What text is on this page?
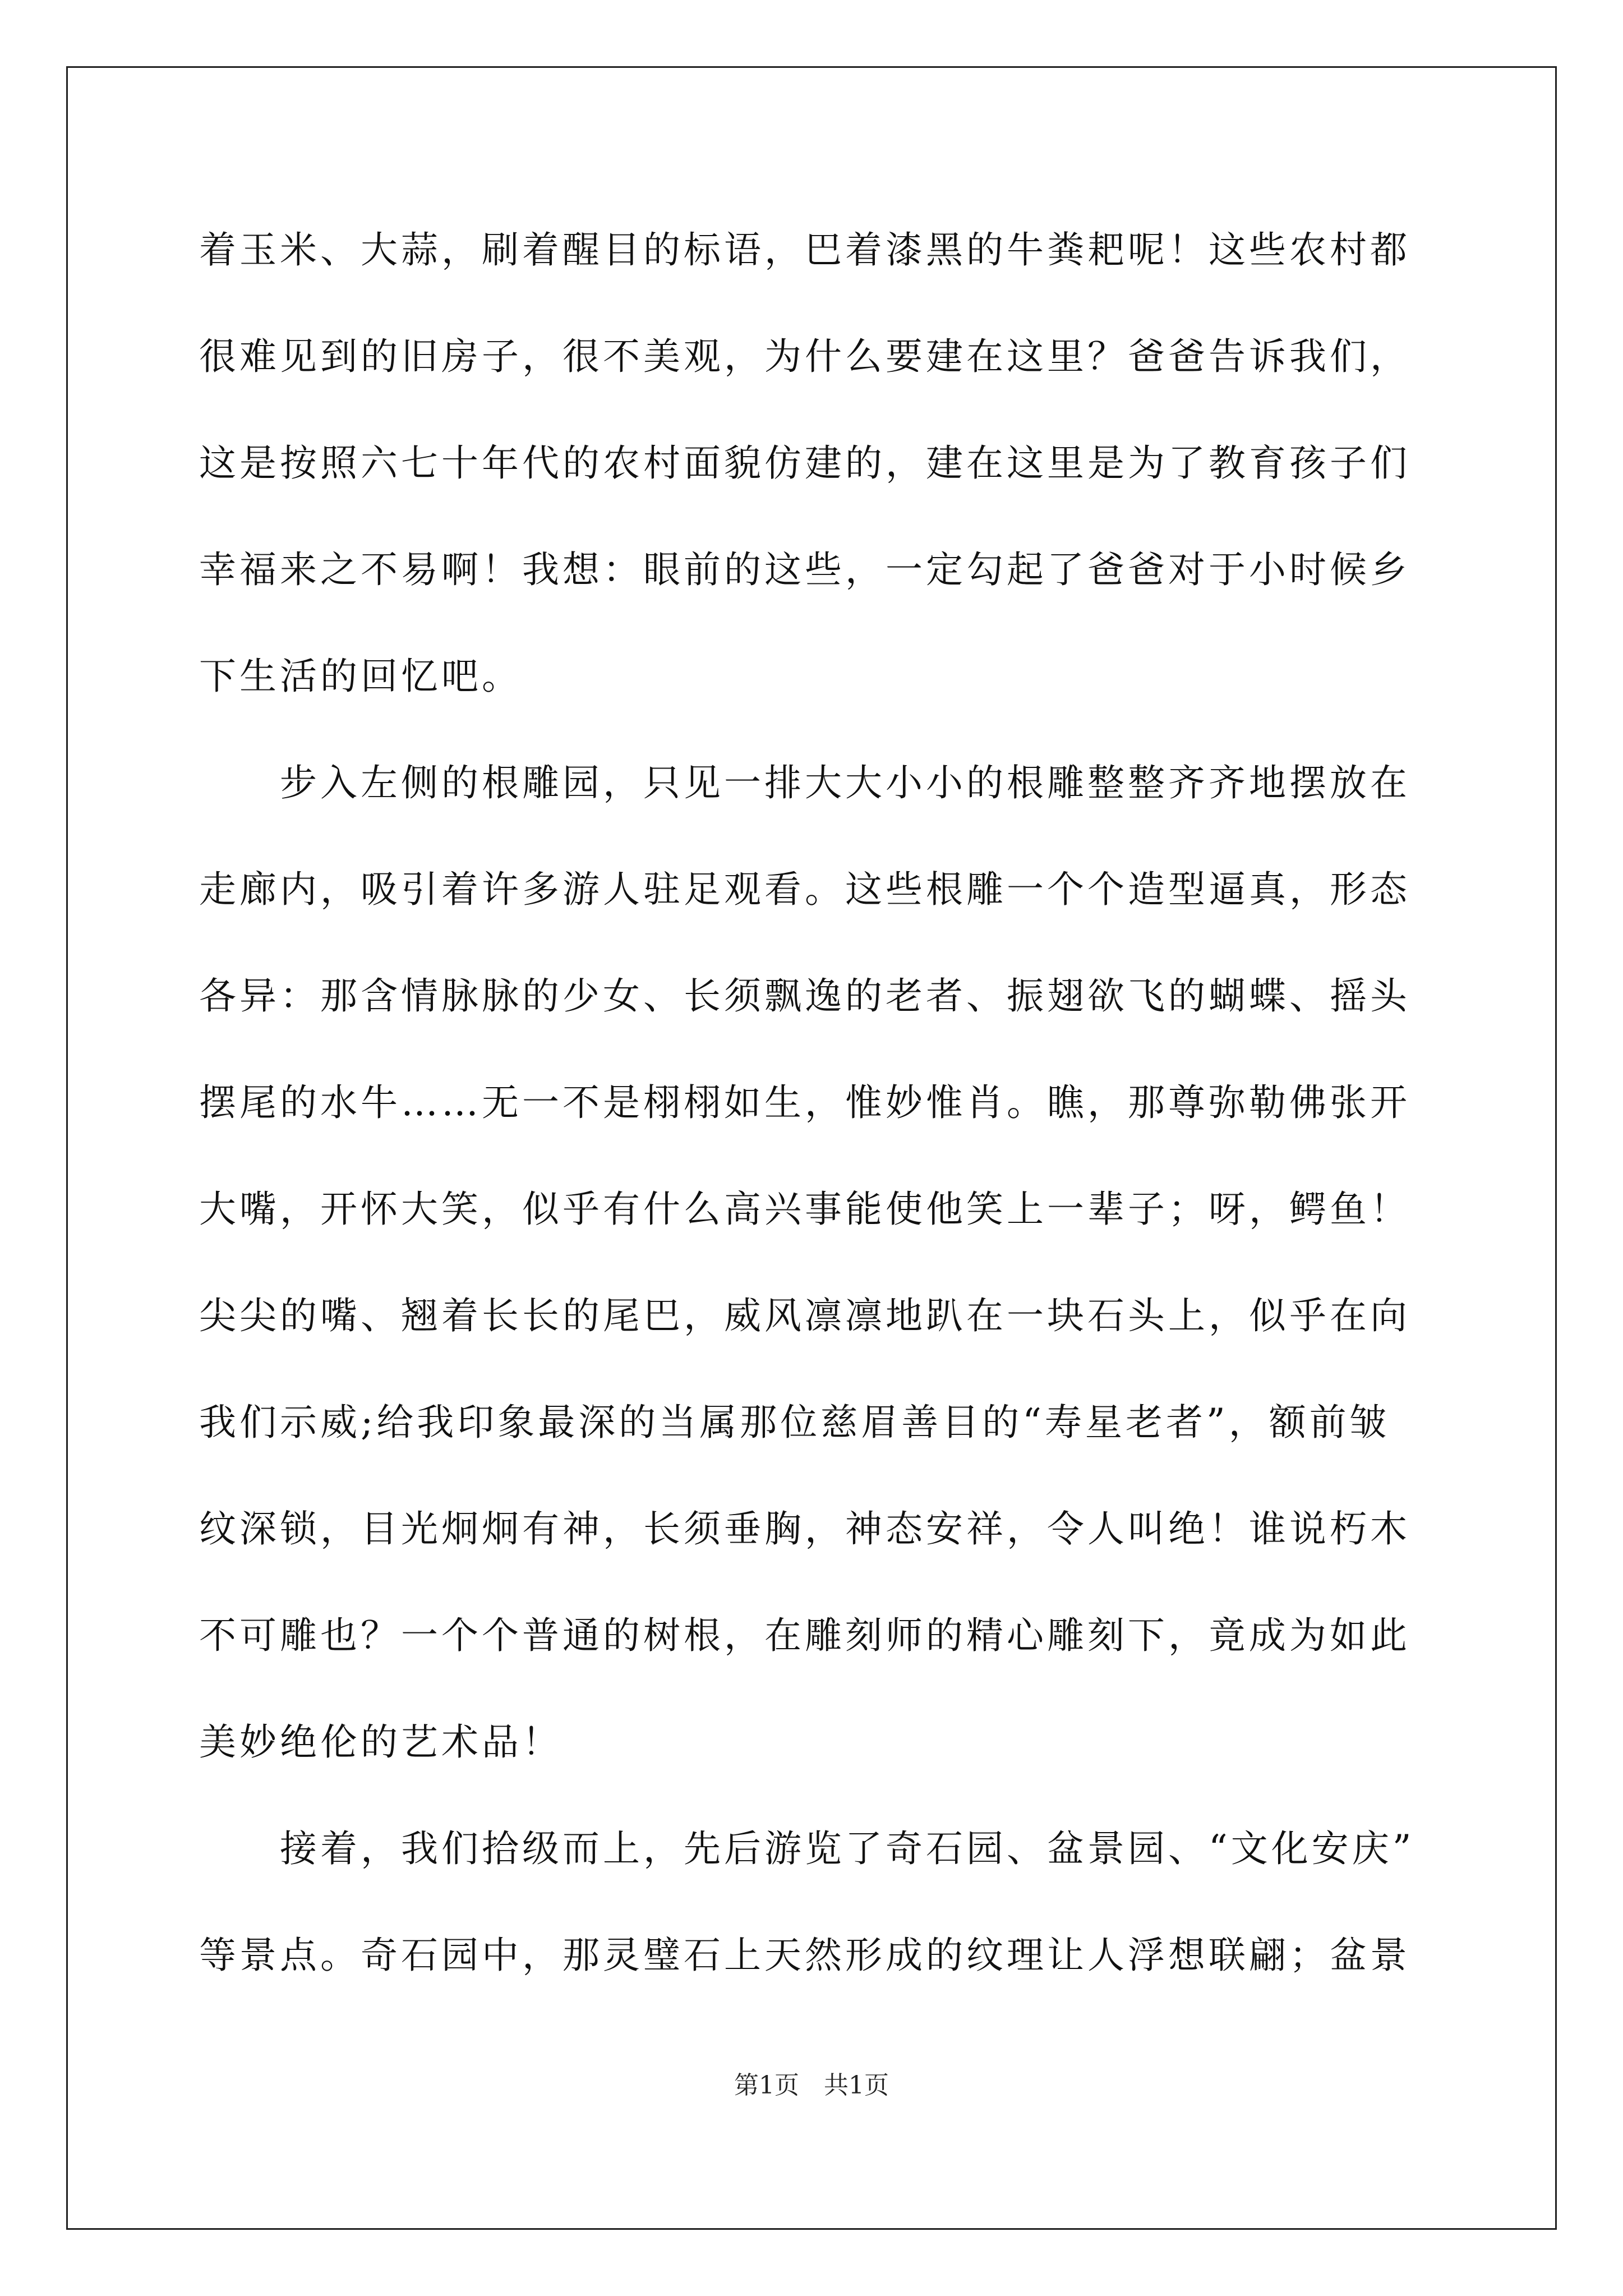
着玉米、大蒜，刷着醒目的标语，巴着漆黑的牛粪耙呢！这些农村都
很难见到的旧房子，很不美观，为什么要建在这里？爸爸告诉我们，
这是按照六七十年代的农村面貌仿建的，建在这里是为了教育孩子们
幸福来之不易啊！我想：眼前的这些，一定勾起了爸爸对于小时候乡
下生活的回忆吧。
　　步入左侧的根雕园，只见一排大大小小的根雕整整齐齐地摆放在
走廊内，吸引着许多游人驻足观看。这些根雕一个个造型逼真，形态
各异：那含情脉脉的少女、长须飘逸的老者、振翅欲飞的蝴蝶、摇头
摆尾的水牛……无一不是栩栩如生，惟妙惟肖。瞧，那尊弥勒佛张开
大嘴，开怀大笑，似乎有什么高兴事能使他笑上一辈子；呀，鳄鱼！
尖尖的嘴、翘着长长的尾巴，威风凛凛地趴在一块石头上，似乎在向
我们示威;给我印象最深的当属那位慈眉善目的“寿星老者”，额前皱
纹深锁，目光炯炯有神，长须垂胸，神态安祥，令人叫绝！谁说朽木
不可雕也？一个个普通的树根，在雕刻师的精心雕刻下，竟成为如此
美妙绝伦的艺术品！
　　接着，我们拾级而上，先后游览了奇石园、盆景园、“文化安庆”
等景点。奇石园中，那灵璧石上天然形成的纹理让人浮想联翩；盆景
第1页　共1页
